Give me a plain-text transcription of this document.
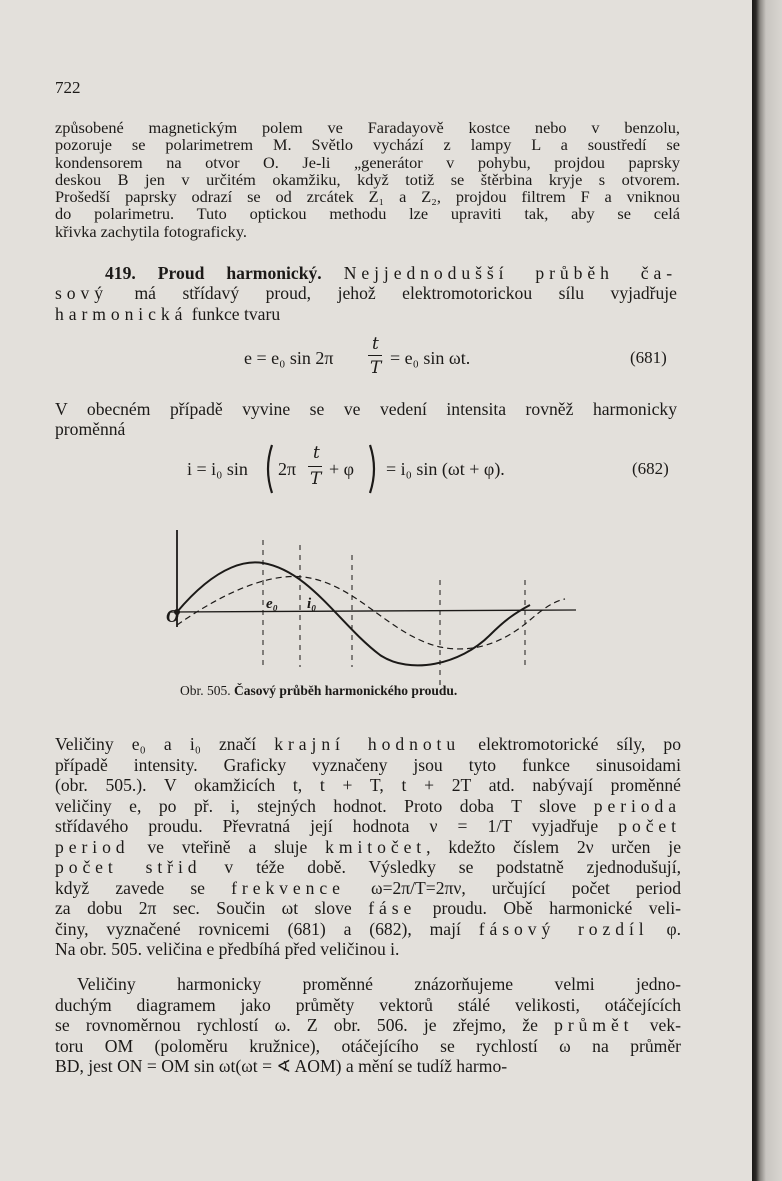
722
způsobené magnetickým polem ve Faradayově kostce nebo v benzolu,
pozoruje se polarimetrem M. Světlo vychází z lampy L a soustředí se
kondensorem na otvor O. Je-li „generátor v pohybu, projdou paprsky
deskou B jen v určitém okamžiku, když totiž se štěrbina kryje s otvorem.
Prošedší paprsky odrazí se od zrcátek Z₁ a Z₂, projdou filtrem F a vniknou
do polarimetru. Tuto optickou methodu lze upraviti tak, aby se celá
křivka zachytila fotograficky.
419. Proud harmonický. Nejjednodušší průběh ča-
sový má střídavý proud, jehož elektromotorickou sílu vyjadřuje
harmonická funkce tvaru
e = e₀ sin 2π
t
T = e₀ sin ωt.	(681)
V obecném případě vyvine se ve vedení intensita rovněž harmonicky
proměnná
i = i₀ sin 2π
t
T + φ = i₀ sin (ωt + φ).	(682)
O
e₀ i₀
Obr. 505. Časový průběh harmonického proudu.
Veličiny e₀ a i₀ značí krajní hodnotu elektromotorické síly, po
případě intensity. Graficky vyznačeny jsou tyto funkce sinusoidami
(obr. 505.). V okamžicích t, t + T, t + 2T atd. nabývají proměnné
veličiny e, po př. i, stejných hodnot. Proto doba T slove perioda
střídavého proudu. Převratná její hodnota ν = 1/T vyjadřuje počet
period ve vteřině a sluje kmitočet, kdežto číslem 2ν určen je
počet střid v téže době. Výsledky se podstatně zjednodušují,
když zavede se frekvence ω=2π/T=2πν, určující počet period
za dobu 2π sec. Součin ωt slove fáse proudu. Obě harmonické veli-
činy, vyznačené rovnicemi (681) a (682), mají fásový rozdíl φ.
Na obr. 505. veličina e předbíhá před veličinou i.
Veličiny harmonicky proměnné znázorňujeme velmi jedno-
duchým diagramem jako průměty vektorů stálé velikosti, otáčejících
se rovnoměrnou rychlostí ω. Z obr. 506. je zřejmo, že průmět vek-
toru OM (poloměru kružnice), otáčejícího se rychlostí ω na průměr
BD, jest ON = OM sin ωt(ωt = ∢ AOM) a mění se tudíž harmo-
